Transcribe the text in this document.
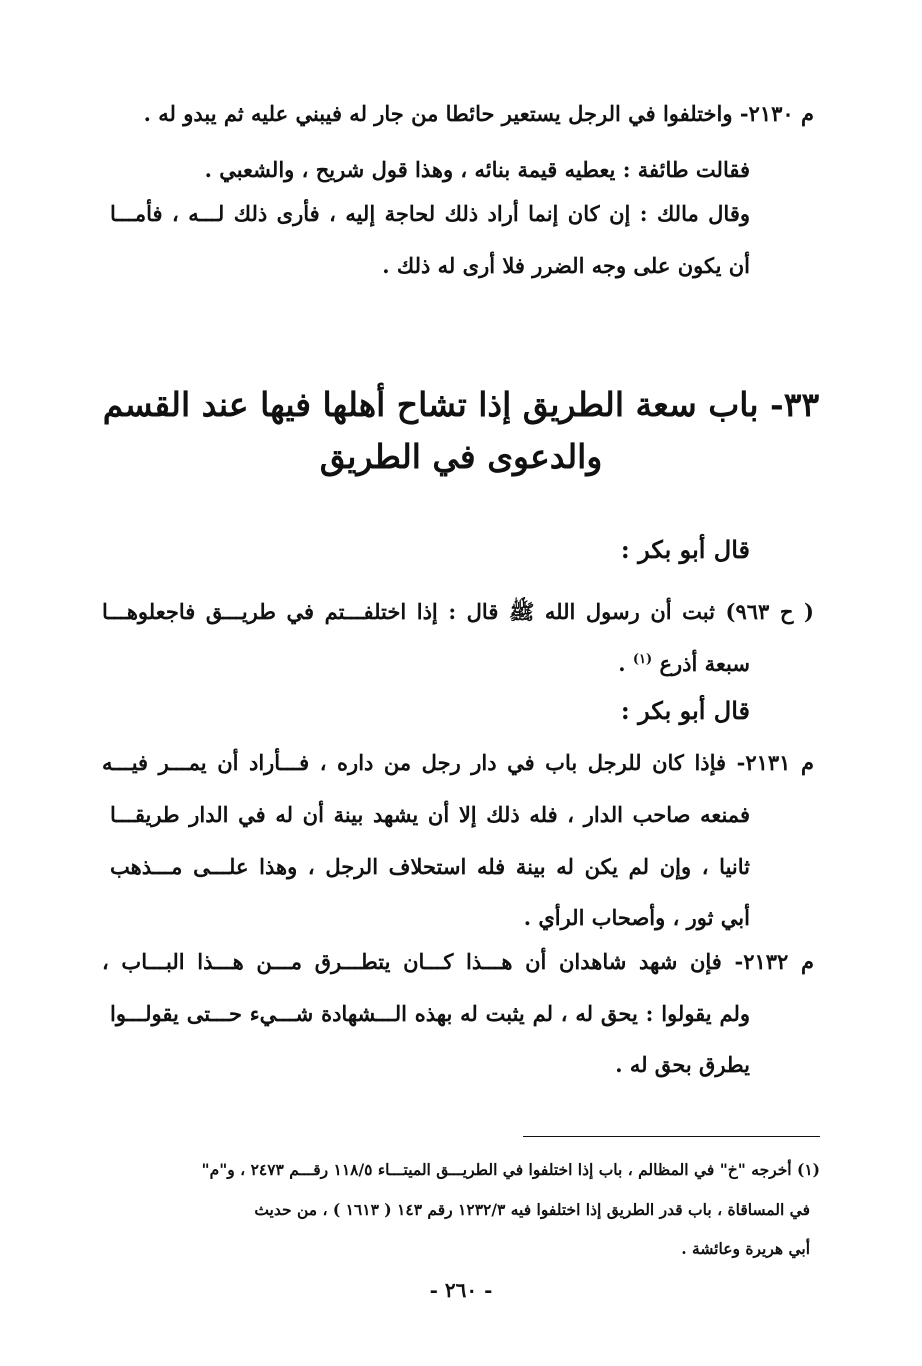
م ٢١٣٠- واختلفوا في الرجل يستعير حائطا من جار له فيبني عليه ثم يبدو له .
فقالت طائفة : يعطيه قيمة بنائه ، وهذا قول شريح ، والشعبي .
وقال مالك : إن كان إنما أراد ذلك لحاجة إليه ، فأرى ذلك لـــه ، فأمـــا
أن يكون على وجه الضرر فلا أرى له ذلك .
٣٣- باب سعة الطريق إذا تشاح أهلها فيها عند القسم
والدعوى في الطريق
قال أبو بكر :
( ح ٩٦٣) ثبت أن رسول الله ﷺ قال : إذا اختلفـــتم في طريـــق فاجعلوهـــا
سبعة أذرع $^{(١)}$ .
قال أبو بكر :
م ٢١٣١- فإذا كان للرجل باب في دار رجل من داره ، فـــأراد أن يمـــر فيـــه
فمنعه صاحب الدار ، فله ذلك إلا أن يشهد بينة أن له في الدار طريقـــا
ثانيا ، وإن لم يكن له بينة فله استحلاف الرجل ، وهذا علـــى مـــذهب
أبي ثور ، وأصحاب الرأي .
م ٢١٣٢- فإن شهد شاهدان أن هـــذا كـــان يتطـــرق مـــن هـــذا البـــاب ،
ولم يقولوا : يحق له ، لم يثبت له بهذه الـــشهادة شـــيء حـــتى يقولـــوا
يطرق بحق له .
(١) أخرجه "خ" في المظالم ، باب إذا اختلفوا في الطريـــق الميتـــاء ١١٨/٥ رقـــم ٢٤٧٣ ، و"م"
في المساقاة ، باب قدر الطريق إذا اختلفوا فيه ١٢٣٢/٣ رقم ١٤٣ ( ١٦١٣ ) ، من حديث
أبي هريرة وعائشة .
- ٢٦٠ -
